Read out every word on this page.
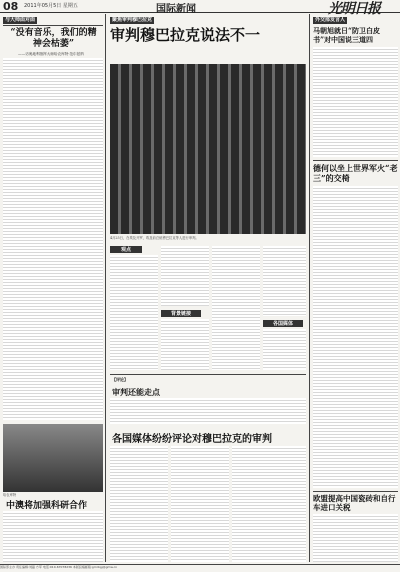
08 2011年05月5日 星期五	国际新闻	光明日报
与大师面对面
“没有音乐，我们的精神会枯萎”
——访奥地利指挥大师哈农库特·范尔兹纳
哈农库特
中澳将加强科研合作
聚焦审判穆巴拉克
审判穆巴拉克说法不一
4月25日，在埃及开罗，埃及前总统穆巴拉克等人进行审判。
观点
背景链接
各国媒体
【评论】
审判还能走点
各国媒体纷纷评论对穆巴拉克的审判
外交部发言人
马朝旭就日“防卫白皮书”对中国说三道四
德何以坐上世界军火“老三”的交椅
欧盟提高中国瓷砖和自行车进口关税
国际部主办 责任编辑:刘磊 方军 电话:010-67078236 本版投稿邮箱:gmrbgj@gmw.cn
